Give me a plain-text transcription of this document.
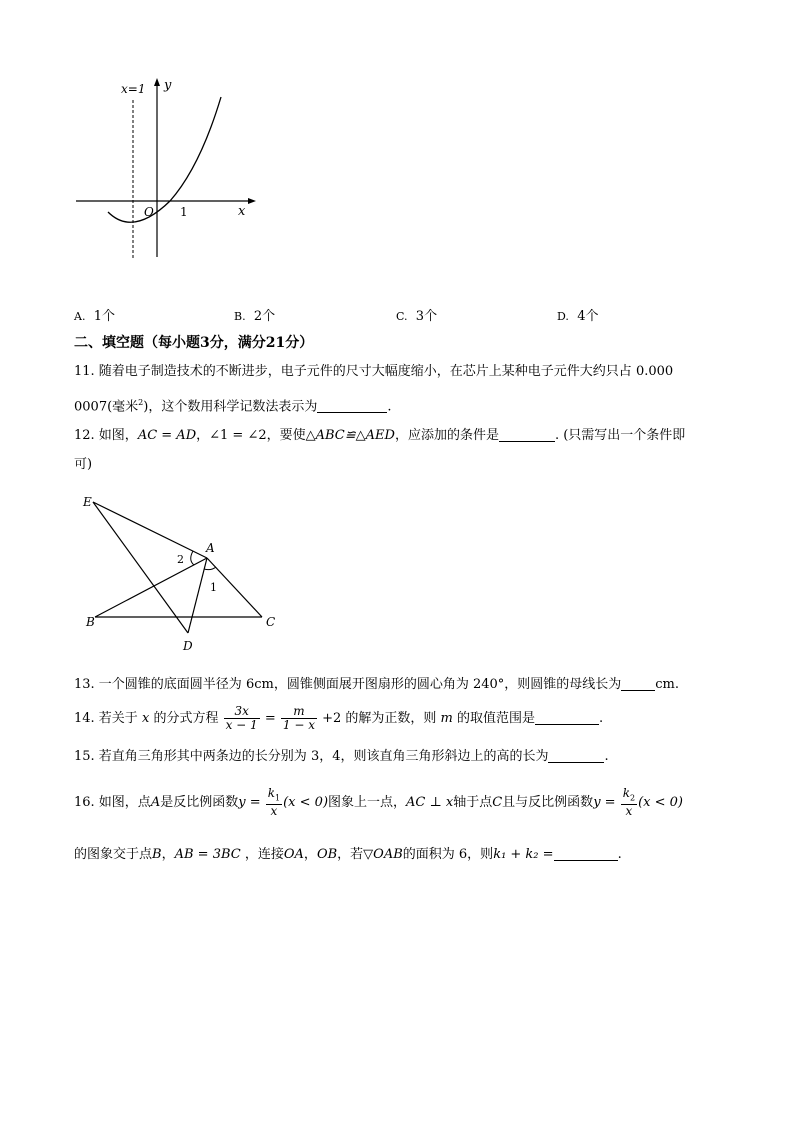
x=1 y
x
O 1
A. 1个	B. 2个	C. 3个	D. 4个
二、填空题（每小题3分，满分21分）
11. 随着电子制造技术的不断进步，电子元件的尺寸大幅度缩小，在芯片上某种电子元件大约只占 0.000
0007(毫米$^2$)，这个数用科学记数法表示为	.
12. 如图，AC = AD，∠1 = ∠2，要使△ABC≌△AED，应添加的条件是	. (只需写出一个条件即
可)
E
A
B	C
D
2
1
13. 一个圆锥的底面圆半径为 6cm，圆锥侧面展开图扇形的圆心角为 240°，则圆锥的母线长为	cm.
14. 若关于 x 的分式方程 $\frac{3x}{x - 1} = \frac{m}{1 - x} +2$ 的解为正数，则 m 的取值范围是	.
15. 若直角三角形其中两条边的长分别为 3，4，则该直角三角形斜边上的高的长为	.
16. 如图，点A是反比例函数$y = \frac{k_1}{x} (x < 0)$图象上一点，AC ⊥ x轴于点C且与反比例函数$y = \frac{k_2}{x} (x < 0)$
的图象交于点B，AB = 3BC ，连接OA，OB，若▽OAB的面积为 6，则k₁ + k₂ =	.
